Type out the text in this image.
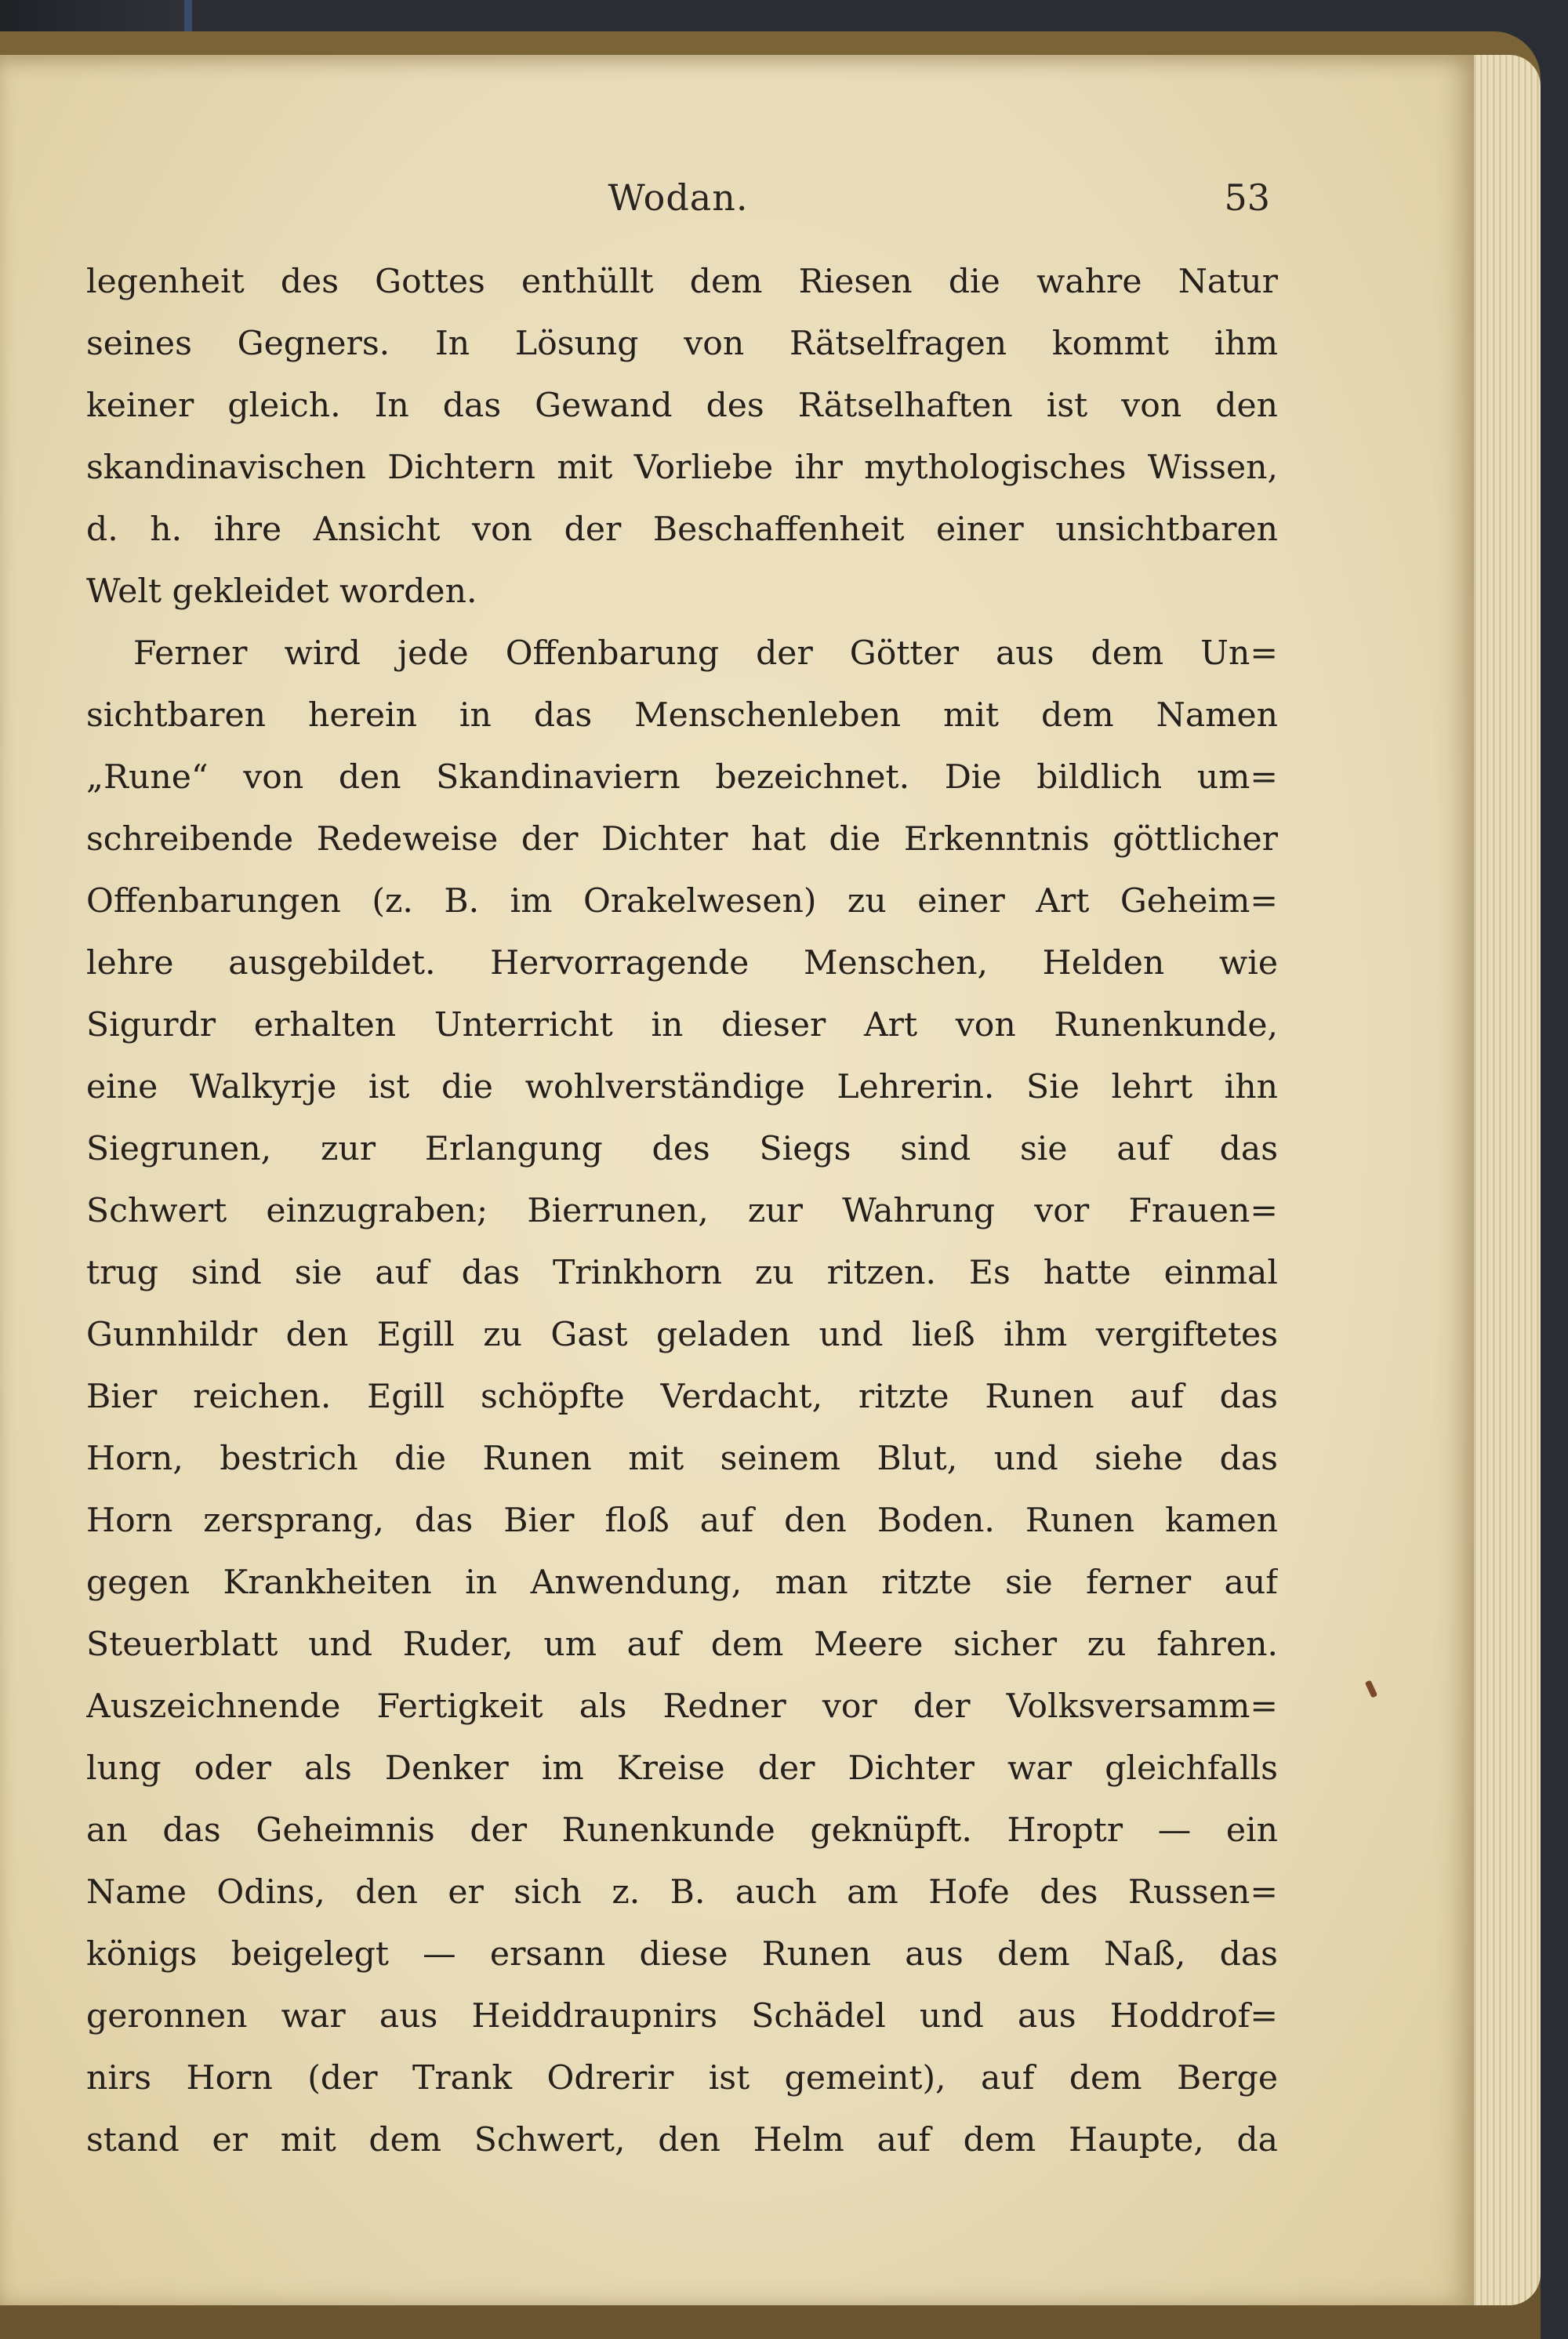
Wodan.	53
legenheit des Gottes enthüllt dem Riesen die wahre Natur
seines Gegners. In Lösung von Rätselfragen kommt ihm
keiner gleich. In das Gewand des Rätselhaften ist von den
skandinavischen Dichtern mit Vorliebe ihr mythologisches Wissen,
d. h. ihre Ansicht von der Beschaffenheit einer unsichtbaren
Welt gekleidet worden.
Ferner wird jede Offenbarung der Götter aus dem Un=
sichtbaren herein in das Menschenleben mit dem Namen
„Rune“ von den Skandinaviern bezeichnet. Die bildlich um=
schreibende Redeweise der Dichter hat die Erkenntnis göttlicher
Offenbarungen (z. B. im Orakelwesen) zu einer Art Geheim=
lehre ausgebildet. Hervorragende Menschen, Helden wie
Sigurdr erhalten Unterricht in dieser Art von Runenkunde,
eine Walkyrje ist die wohlverständige Lehrerin. Sie lehrt ihn
Siegrunen, zur Erlangung des Siegs sind sie auf das
Schwert einzugraben; Bierrunen, zur Wahrung vor Frauen=
trug sind sie auf das Trinkhorn zu ritzen. Es hatte einmal
Gunnhildr den Egill zu Gast geladen und ließ ihm vergiftetes
Bier reichen. Egill schöpfte Verdacht, ritzte Runen auf das
Horn, bestrich die Runen mit seinem Blut, und siehe das
Horn zersprang, das Bier floß auf den Boden. Runen kamen
gegen Krankheiten in Anwendung, man ritzte sie ferner auf
Steuerblatt und Ruder, um auf dem Meere sicher zu fahren.
Auszeichnende Fertigkeit als Redner vor der Volksversamm=
lung oder als Denker im Kreise der Dichter war gleichfalls
an das Geheimnis der Runenkunde geknüpft. Hroptr — ein
Name Odins, den er sich z. B. auch am Hofe des Russen=
königs beigelegt — ersann diese Runen aus dem Naß, das
geronnen war aus Heiddraupnirs Schädel und aus Hoddrof=
nirs Horn (der Trank Odrerir ist gemeint), auf dem Berge
stand er mit dem Schwert, den Helm auf dem Haupte, da
